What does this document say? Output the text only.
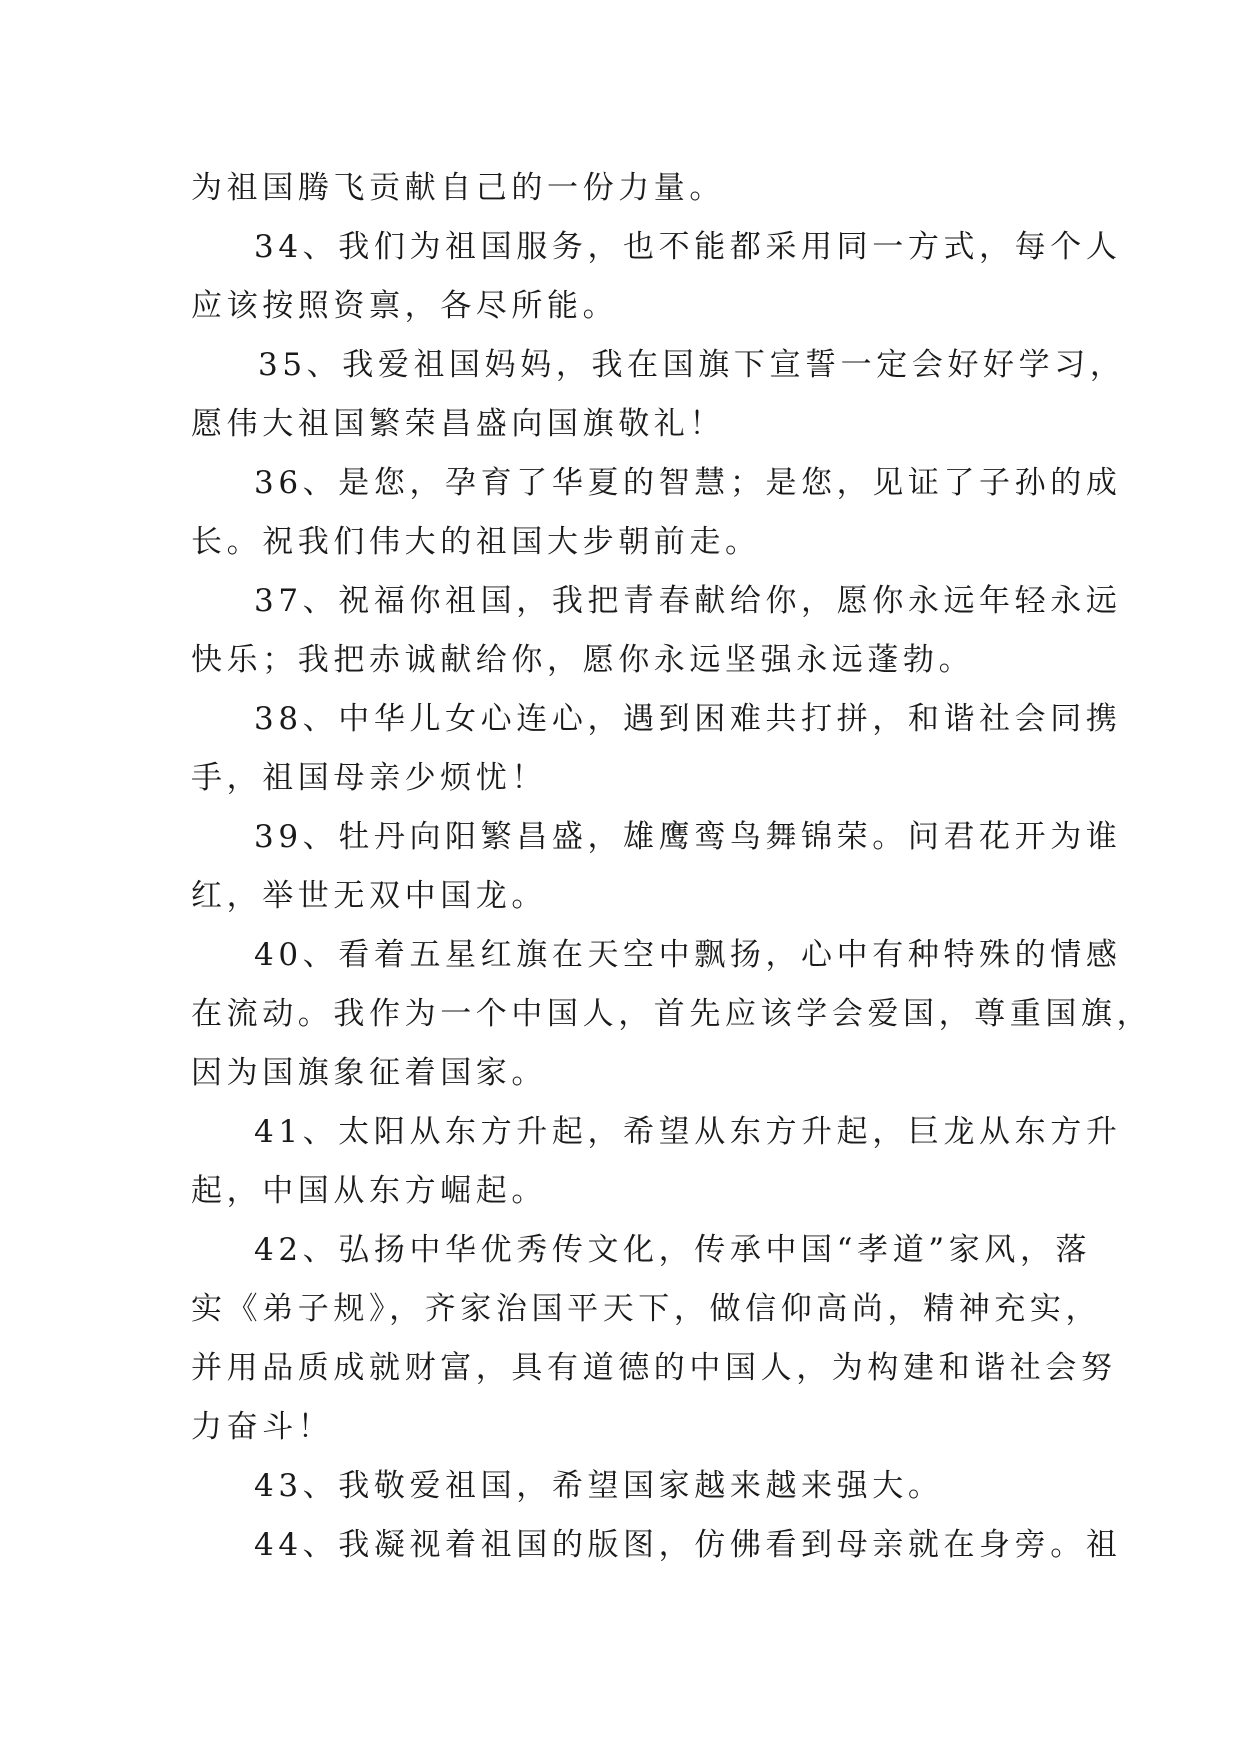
为祖国腾飞贡献自己的一份力量。
34、我们为祖国服务，也不能都采用同一方式，每个人
应该按照资禀，各尽所能。
35、我爱祖国妈妈，我在国旗下宣誓一定会好好学习，
愿伟大祖国繁荣昌盛向国旗敬礼！
36、是您，孕育了华夏的智慧；是您，见证了子孙的成
长。祝我们伟大的祖国大步朝前走。
37、祝福你祖国，我把青春献给你，愿你永远年轻永远
快乐；我把赤诚献给你，愿你永远坚强永远蓬勃。
38、中华儿女心连心，遇到困难共打拼，和谐社会同携
手，祖国母亲少烦忧！
39、牡丹向阳繁昌盛，雄鹰鸾鸟舞锦荣。问君花开为谁
红，举世无双中国龙。
40、看着五星红旗在天空中飘扬，心中有种特殊的情感
在流动。我作为一个中国人，首先应该学会爱国，尊重国旗，
因为国旗象征着国家。
41、太阳从东方升起，希望从东方升起，巨龙从东方升
起，中国从东方崛起。
42、弘扬中华优秀传文化，传承中国“孝道”家风，落
实《弟子规》，齐家治国平天下，做信仰高尚，精神充实，
并用品质成就财富，具有道德的中国人，为构建和谐社会努
力奋斗！
43、我敬爱祖国，希望国家越来越来强大。
44、我凝视着祖国的版图，仿佛看到母亲就在身旁。祖
